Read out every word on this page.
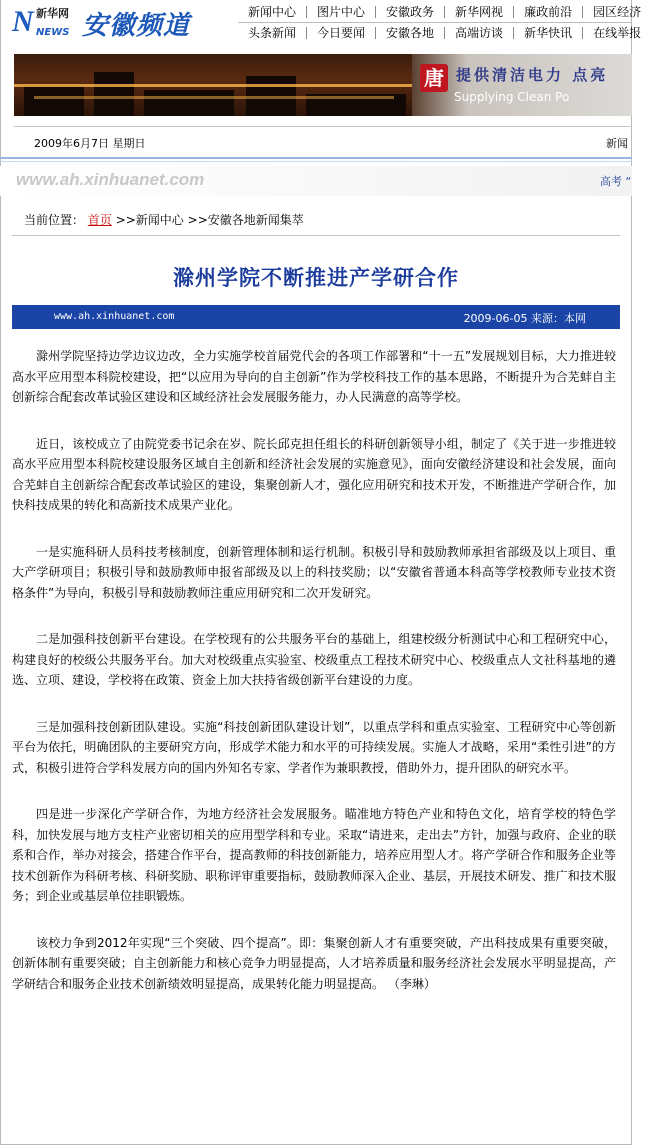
N 新华网
NEWS 安徽频道	新闻中心	图片中心	安徽政务	新华网视	廉政前沿	园区经济
头条新闻	今日要闻	安徽各地	高端访谈	新华快讯	在线举报
唐 提供清洁电力 点亮
Supplying Clean Po
2009年6月7日 星期日	新闻
www.ah.xinhuanet.com	高考 “
当前位置： 首页 >>新闻中心 >>安徽各地新闻集萃
滁州学院不断推进产学研合作
www.ah.xinhuanet.com	2009-06-05 来源：本网

滁州学院坚持边学边议边改，全力实施学校首届党代会的各项工作部署和“十一五”发展规划目标，大力推进较高水平应用型本科院校建设，把“以应用为导向的自主创新”作为学校科技工作的基本思路，不断提升为合芜蚌自主创新综合配套改革试验区建设和区域经济社会发展服务能力，办人民满意的高等学校。

近日，该校成立了由院党委书记余在岁、院长邱克担任组长的科研创新领导小组，制定了《关于进一步推进较高水平应用型本科院校建设服务区域自主创新和经济社会发展的实施意见》，面向安徽经济建设和社会发展，面向合芜蚌自主创新综合配套改革试验区的建设，集聚创新人才，强化应用研究和技术开发，不断推进产学研合作，加快科技成果的转化和高新技术成果产业化。

一是实施科研人员科技考核制度，创新管理体制和运行机制。积极引导和鼓励教师承担省部级及以上项目、重大产学研项目；积极引导和鼓励教师申报省部级及以上的科技奖励；以“安徽省普通本科高等学校教师专业技术资格条件”为导向，积极引导和鼓励教师注重应用研究和二次开发研究。

二是加强科技创新平台建设。在学校现有的公共服务平台的基础上，组建校级分析测试中心和工程研究中心，构建良好的校级公共服务平台。加大对校级重点实验室、校级重点工程技术研究中心、校级重点人文社科基地的遴选、立项、建设，学校将在政策、资金上加大扶持省级创新平台建设的力度。

三是加强科技创新团队建设。实施“科技创新团队建设计划”，以重点学科和重点实验室、工程研究中心等创新平台为依托，明确团队的主要研究方向，形成学术能力和水平的可持续发展。实施人才战略，采用“柔性引进”的方式，积极引进符合学科发展方向的国内外知名专家、学者作为兼职教授，借助外力，提升团队的研究水平。

四是进一步深化产学研合作，为地方经济社会发展服务。瞄准地方特色产业和特色文化，培育学校的特色学科，加快发展与地方支柱产业密切相关的应用型学科和专业。采取“请进来，走出去”方针，加强与政府、企业的联系和合作，举办对接会，搭建合作平台，提高教师的科技创新能力，培养应用型人才。将产学研合作和服务企业等技术创新作为科研考核、科研奖励、职称评审重要指标，鼓励教师深入企业、基层，开展技术研发、推广和技术服务；到企业或基层单位挂职锻炼。

该校力争到2012年实现“三个突破、四个提高”。即：集聚创新人才有重要突破，产出科技成果有重要突破，创新体制有重要突破；自主创新能力和核心竞争力明显提高，人才培养质量和服务经济社会发展水平明显提高，产学研结合和服务企业技术创新绩效明显提高，成果转化能力明显提高。 （李琳）
